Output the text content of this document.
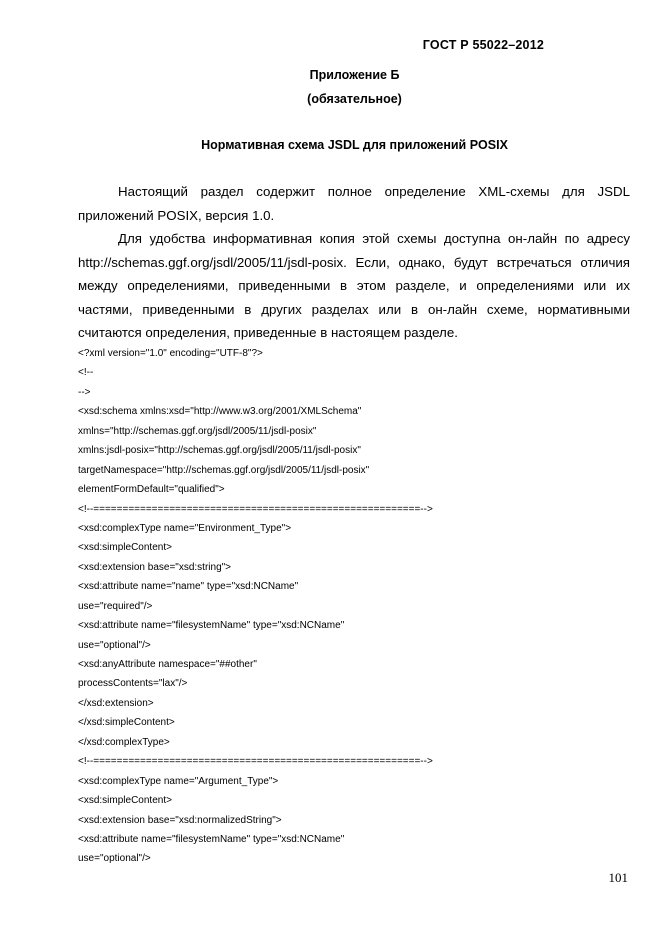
ГОСТ Р 55022–2012
Приложение Б
(обязательное)
Нормативная схема JSDL для приложений POSIX
Настоящий раздел содержит полное определение XML-схемы для JSDL
приложений POSIX, версия 1.0.
Для удобства информативная копия этой схемы доступна он-лайн по адресу
http://schemas.ggf.org/jsdl/2005/11/jsdl-posix. Если, однако, будут встречаться отличия
между определениями, приведенными в этом разделе, и определениями или их
частями, приведенными в других разделах или в он-лайн схеме, нормативными
считаются определения, приведенные в настоящем разделе.
<?xml version="1.0" encoding="UTF-8"?>
<!--
-->
<xsd:schema xmlns:xsd="http://www.w3.org/2001/XMLSchema"
xmlns="http://schemas.ggf.org/jsdl/2005/11/jsdl-posix"
xmlns:jsdl-posix="http://schemas.ggf.org/jsdl/2005/11/jsdl-posix"
targetNamespace="http://schemas.ggf.org/jsdl/2005/11/jsdl-posix"
elementFormDefault="qualified">
<!--========================================================-->
<xsd:complexType name="Environment_Type">
<xsd:simpleContent>
<xsd:extension base="xsd:string">
<xsd:attribute name="name" type="xsd:NCName"
use="required"/>
<xsd:attribute name="filesystemName" type="xsd:NCName"
use="optional"/>
<xsd:anyAttribute namespace="##other"
processContents="lax"/>
</xsd:extension>
</xsd:simpleContent>
</xsd:complexType>
<!--========================================================-->
<xsd:complexType name="Argument_Type">
<xsd:simpleContent>
<xsd:extension base="xsd:normalizedString">
<xsd:attribute name="filesystemName" type="xsd:NCName"
use="optional"/>
101
